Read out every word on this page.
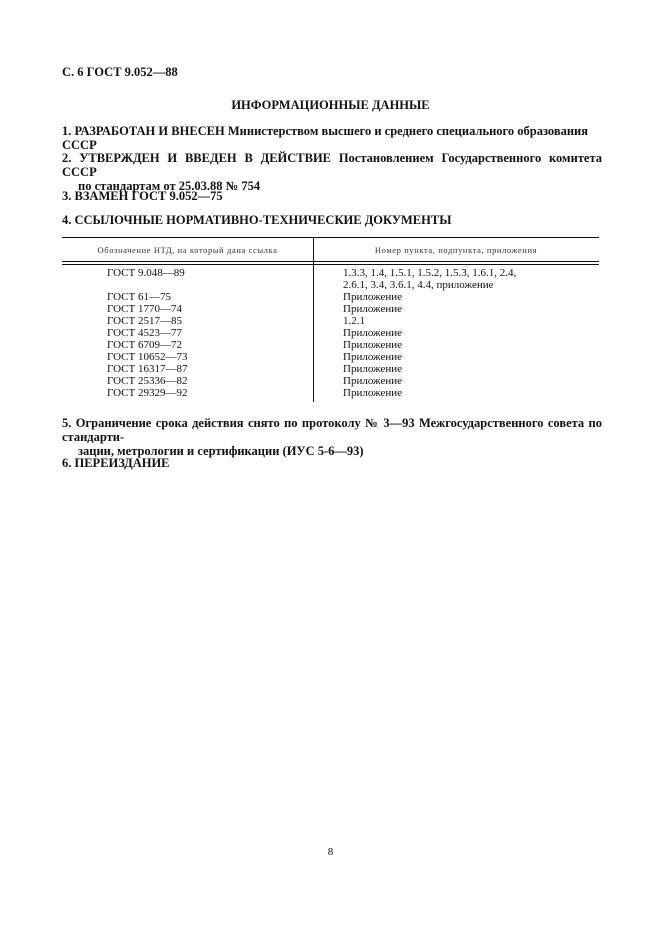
С. 6 ГОСТ 9.052—88
ИНФОРМАЦИОННЫЕ ДАННЫЕ
1. РАЗРАБОТАН И ВНЕСЕН Министерством высшего и среднего специального образования СССР
2. УТВЕРЖДЕН И ВВЕДЕН В ДЕЙСТВИЕ Постановлением Государственного комитета СССР
по стандартам от 25.03.88 № 754
3. ВЗАМЕН ГОСТ 9.052—75
4. ССЫЛОЧНЫЕ НОРМАТИВНО-ТЕХНИЧЕСКИЕ ДОКУМЕНТЫ
Обозначение НТД, на который дана ссылка	Номер пункта, подпункта, приложения
ГОСТ 9.048—89	1.3.3, 1.4, 1.5.1, 1.5.2, 1.5.3, 1.6.1, 2.4,
2.6.1, 3.4, 3.6.1, 4.4, приложение
ГОСТ 61—75	Приложение
ГОСТ 1770—74	Приложение
ГОСТ 2517—85	1.2.1
ГОСТ 4523—77	Приложение
ГОСТ 6709—72	Приложение
ГОСТ 10652—73	Приложение
ГОСТ 16317—87	Приложение
ГОСТ 25336—82	Приложение
ГОСТ 29329—92	Приложение
5. Ограничение срока действия снято по протоколу № 3—93 Межгосударственного совета по стандарти-
зации, метрологии и сертификации (ИУС 5-6—93)
6. ПЕРЕИЗДАНИЕ
8
